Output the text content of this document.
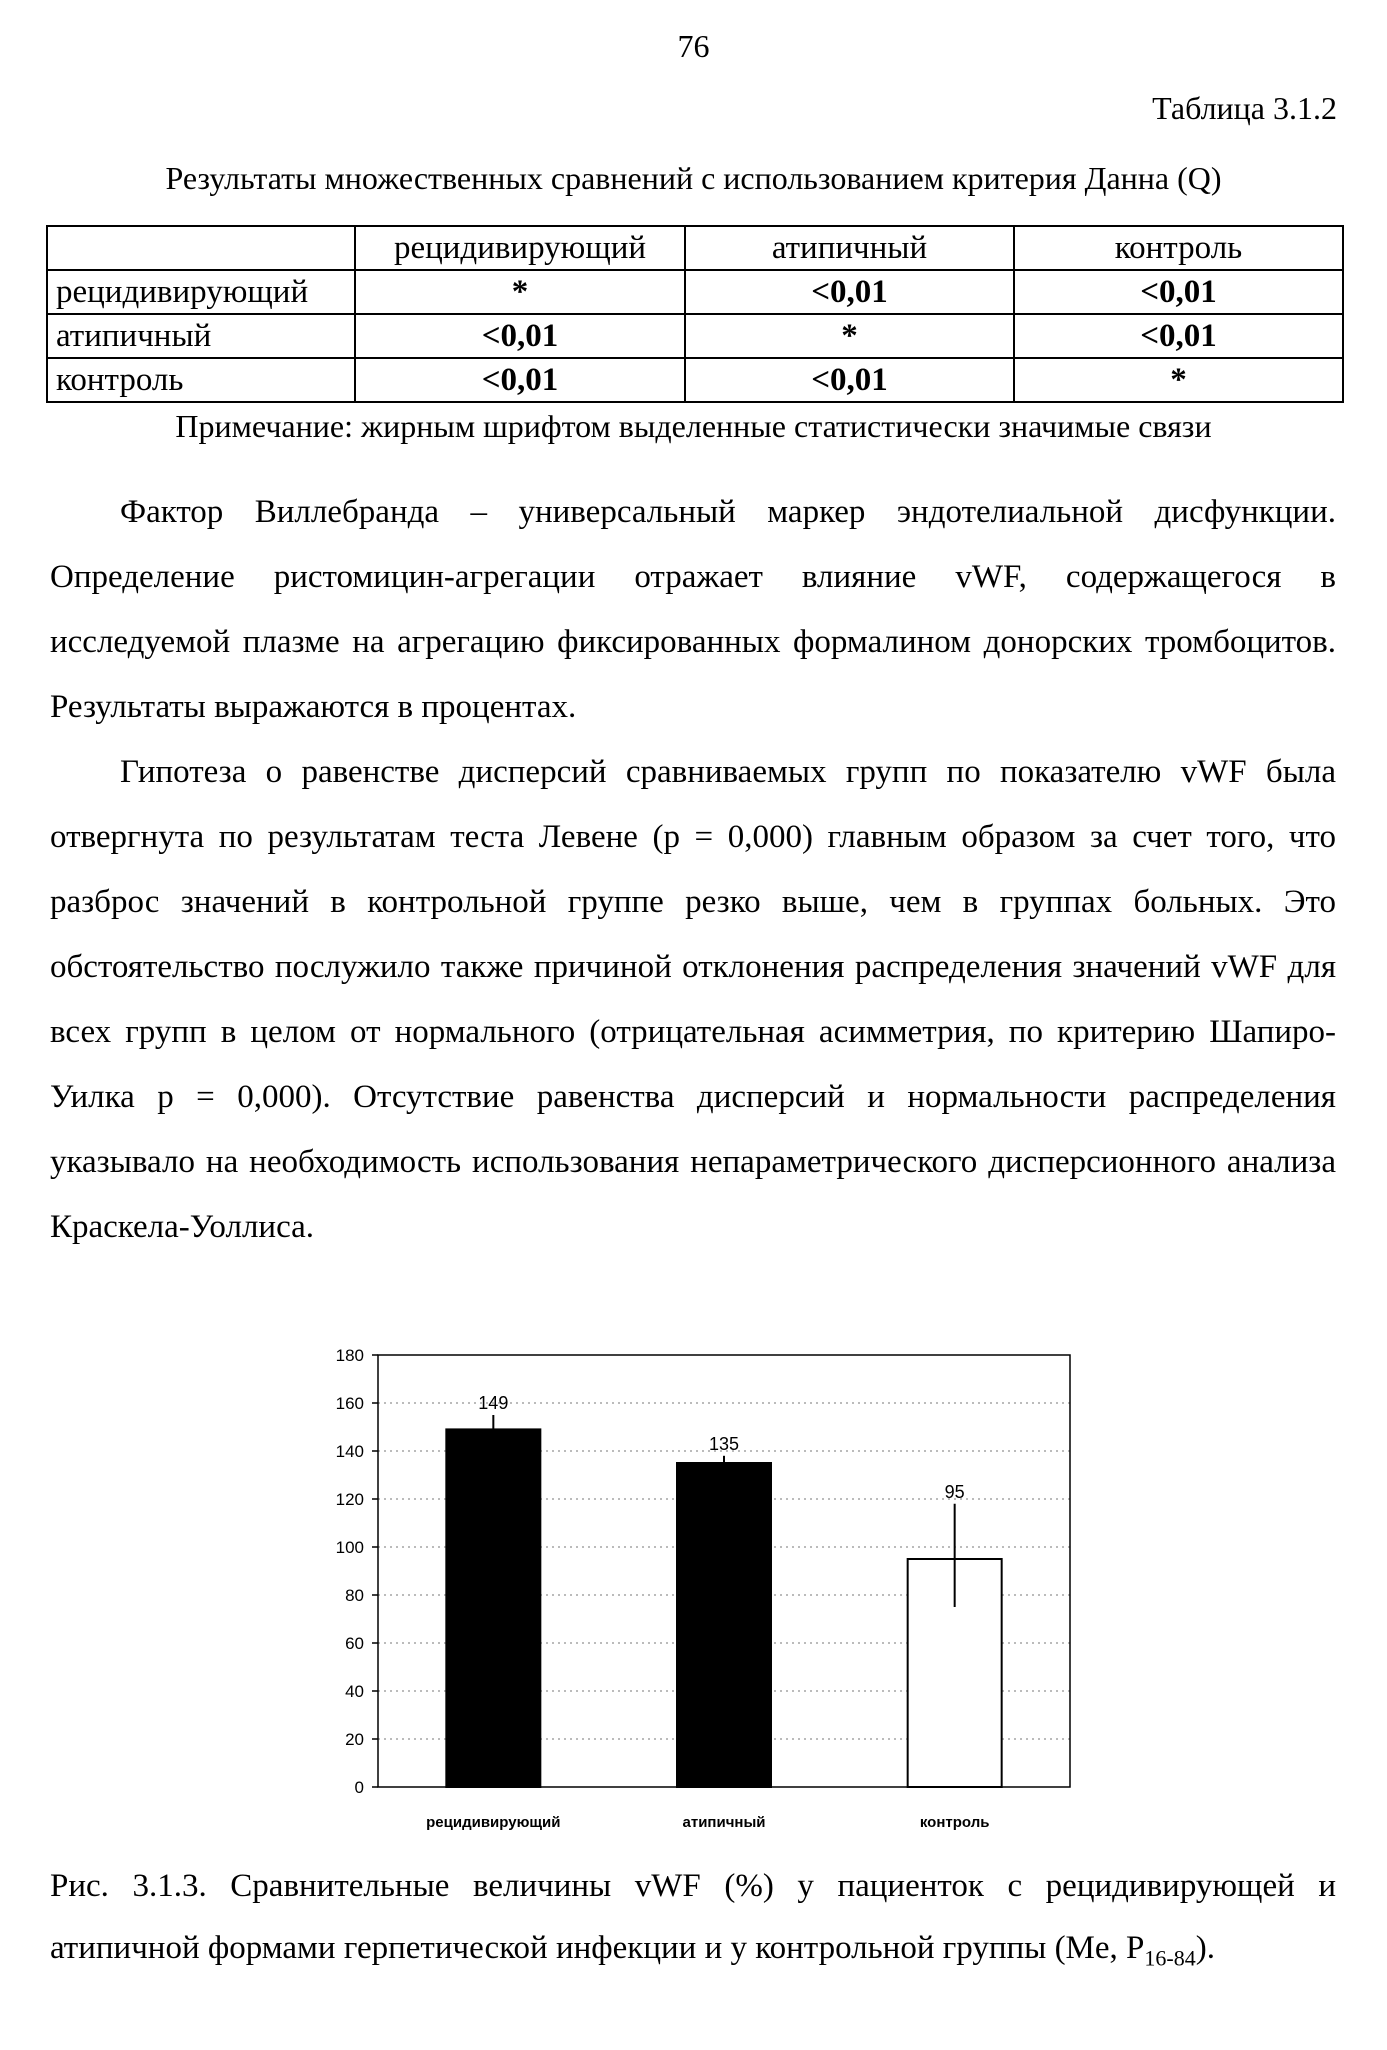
76
Таблица 3.1.2
Результаты множественных сравнений с использованием критерия Данна (Q)
	рецидивирующий	атипичный	контроль
рецидивирующий	*	<0,01	<0,01
атипичный	<0,01	*	<0,01
контроль	<0,01	<0,01	*
Примечание: жирным шрифтом выделенные статистически значимые связи

Фактор Виллебранда – универсальный маркер эндотелиальной дисфункции. Определение ристомицин-агрегации отражает влияние vWF, содержащегося в исследуемой плазме на агрегацию фиксированных формалином донорских тромбоцитов. Результаты выражаются в процентах.

Гипотеза о равенстве дисперсий сравниваемых групп по показателю vWF была отвергнута по результатам теста Левене (p = 0,000) главным образом за счет того, что разброс значений в контрольной группе резко выше, чем в группах больных. Это обстоятельство послужило также причиной отклонения распределения значений vWF для всех групп в целом от нормального (отрицательная асимметрия, по критерию Шапиро-Уилка p = 0,000). Отсутствие равенства дисперсий и нормальности распределения указывало на необходимость использования непараметрического дисперсионного анализа Краскела-Уоллиса.

0
20
40
60
80
100
120
140
160
180
149
рецидивирующий
135
атипичный
95
контроль
Рис. 3.1.3. Сравнительные величины vWF (%) у пациенток с рецидивирующей и атипичной формами герпетической инфекции и у контрольной группы (Me, $P_{16-84}$).
